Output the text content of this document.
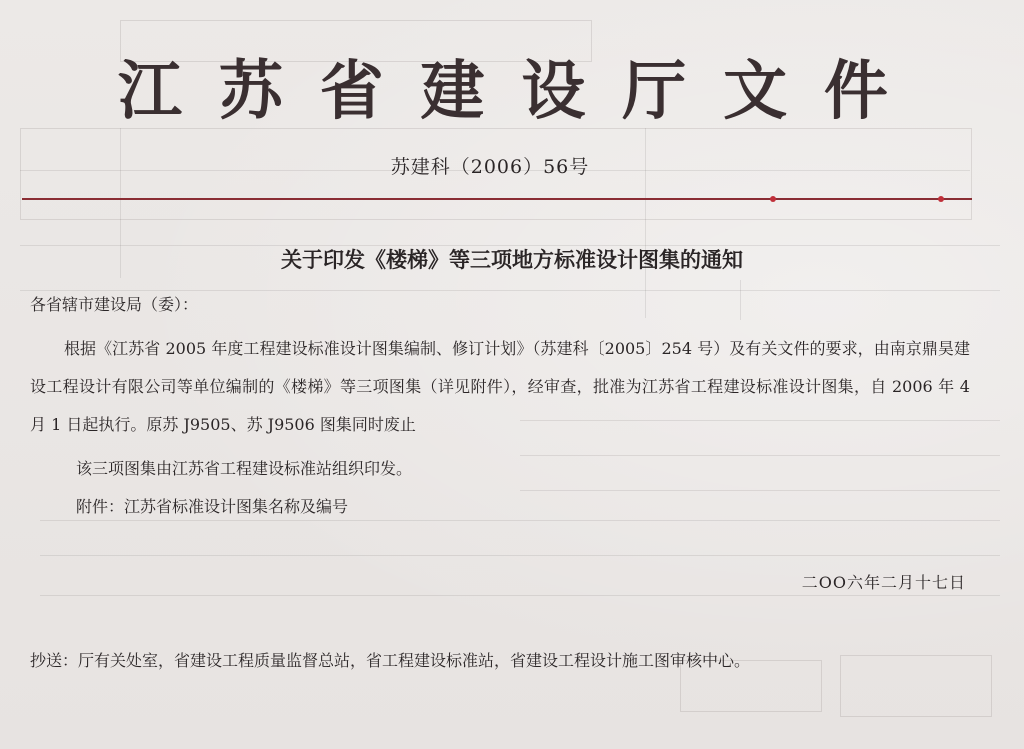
江 苏 省 建 设 厅 文 件
苏建科（2006）56号
关于印发《楼梯》等三项地方标准设计图集的通知
各省辖市建设局（委）：
根据《江苏省 2005 年度工程建设标准设计图集编制、修订计划》（苏建科〔2005〕254 号）及有关文件的要求，由南京鼎昊建设工程设计有限公司等单位编制的《楼梯》等三项图集（详见附件），经审查，批准为江苏省工程建设标准设计图集，自 2006 年 4 月 1 日起执行。原苏 J9505、苏 J9506 图集同时废止
该三项图集由江苏省工程建设标准站组织印发。
附件：江苏省标准设计图集名称及编号
二OO六年二月十七日
抄送：厅有关处室，省建设工程质量监督总站，省工程建设标准站，省建设工程设计施工图审核中心。
